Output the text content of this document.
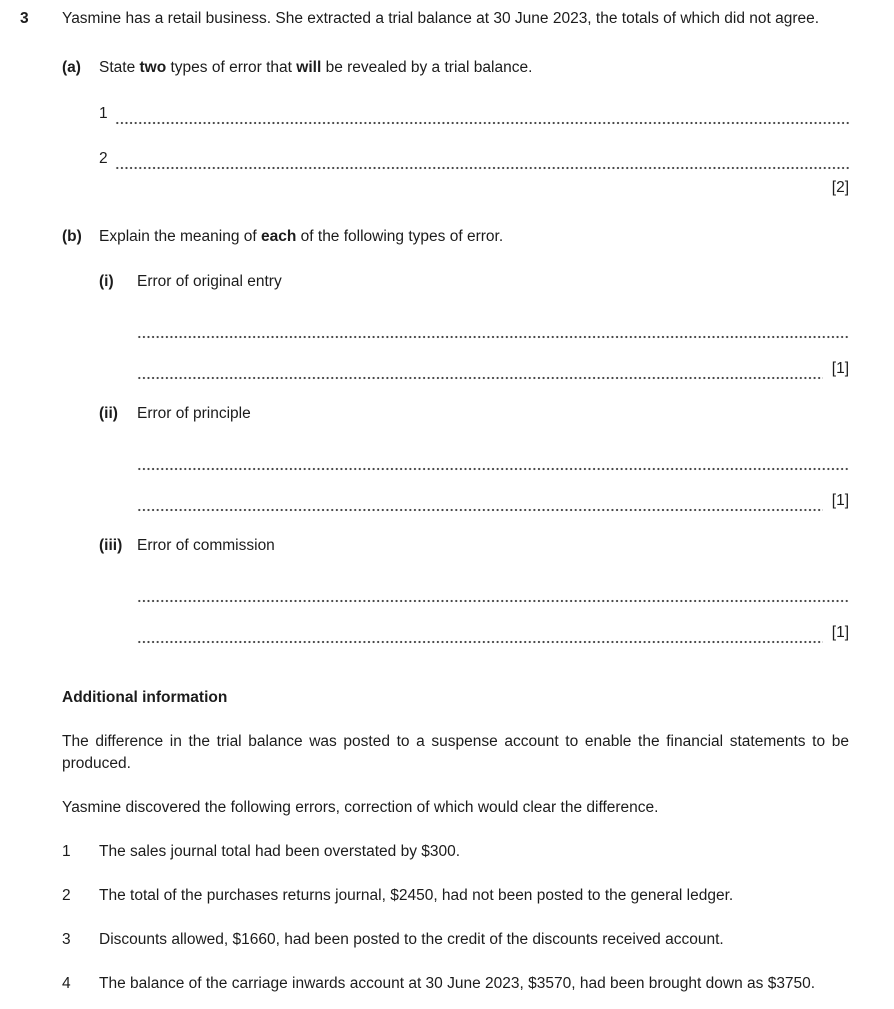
3	Yasmine has a retail business. She extracted a trial balance at 30 June 2023, the totals of which did not agree.

(a)	State two types of error that will be revealed by a trial balance.

1
2
[2]
(b)	Explain the meaning of each of the following types of error.

(i)	Error of original entry

[1]
(ii)	Error of principle

[1]
(iii) Error of commission

[1]

Additional information

The difference in the trial balance was posted to a suspense account to enable the financial statements to be produced.

Yasmine discovered the following errors, correction of which would clear the difference.

1	The sales journal total had been overstated by $300.
2	The total of the purchases returns journal, $2450, had not been posted to the general ledger.
3	Discounts allowed, $1660, had been posted to the credit of the discounts received account.
4	The balance of the carriage inwards account at 30 June 2023, $3570, had been brought down as $3750.
